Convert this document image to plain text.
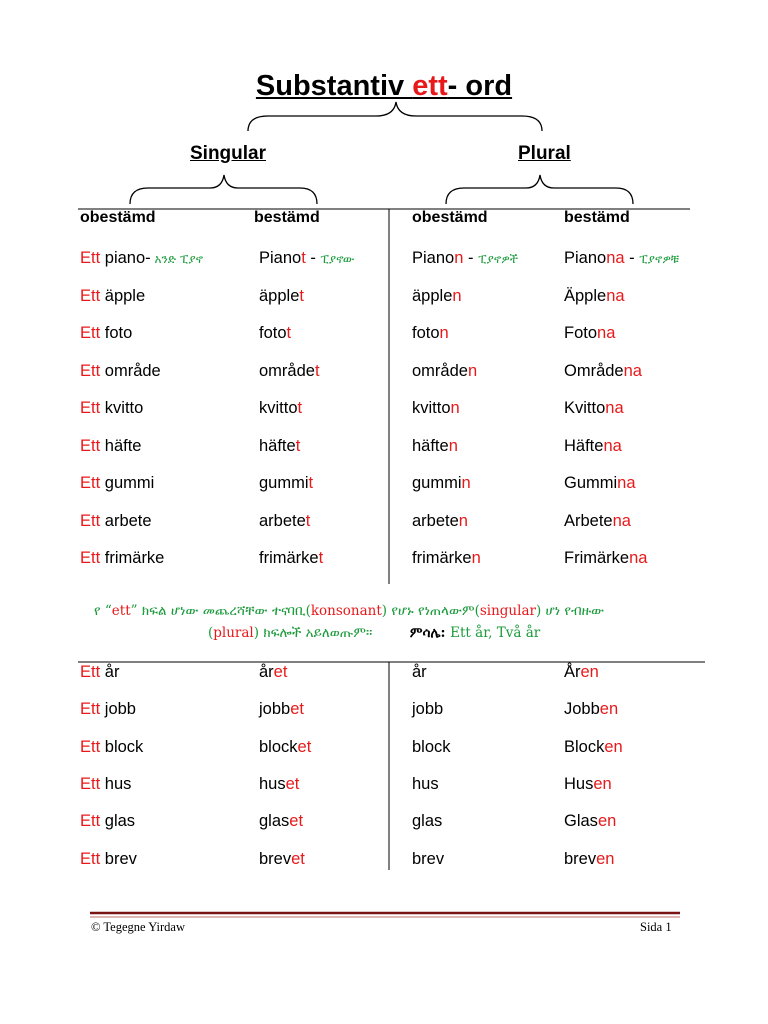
Substantiv ett- ord
Singular	Plural
obestämd	bestämd	obestämd	bestämd
Ett piano- አንድ ፒያኖ	Pianot - ፒያኖው	Pianon - ፒያኖዎች	Pianona - ፒያኖዎቹ
Ett äpple	äpplet	äpplen	Äpplena
Ett foto	fotot	foton	Fotona
Ett område	området	områden	Områdena
Ett kvitto	kvittot	kvitton	Kvittona
Ett häfte	häftet	häften	Häftena
Ett gummi	gummit	gummin	Gummina
Ett arbete	arbetet	arbeten	Arbetena
Ett frimärke	frimärket	frimärken	Frimärkena
የ “ett” ክፍል ሆነው መጨረሻቸው ተናባቢ(konsonant) የሆኑ የነጠላውም(singular) ሆነ የብዙው
(plural) ክፍሎች አይለወጡም።        ምሳሌ: Ett år, Två år
Ett år	året	år	Åren
Ett jobb	jobbet	jobb	Jobben
Ett block	blocket	block	Blocken
Ett hus	huset	hus	Husen
Ett glas	glaset	glas	Glasen
Ett brev	brevet	brev	breven
© Tegegne Yirdaw	Sida 1
